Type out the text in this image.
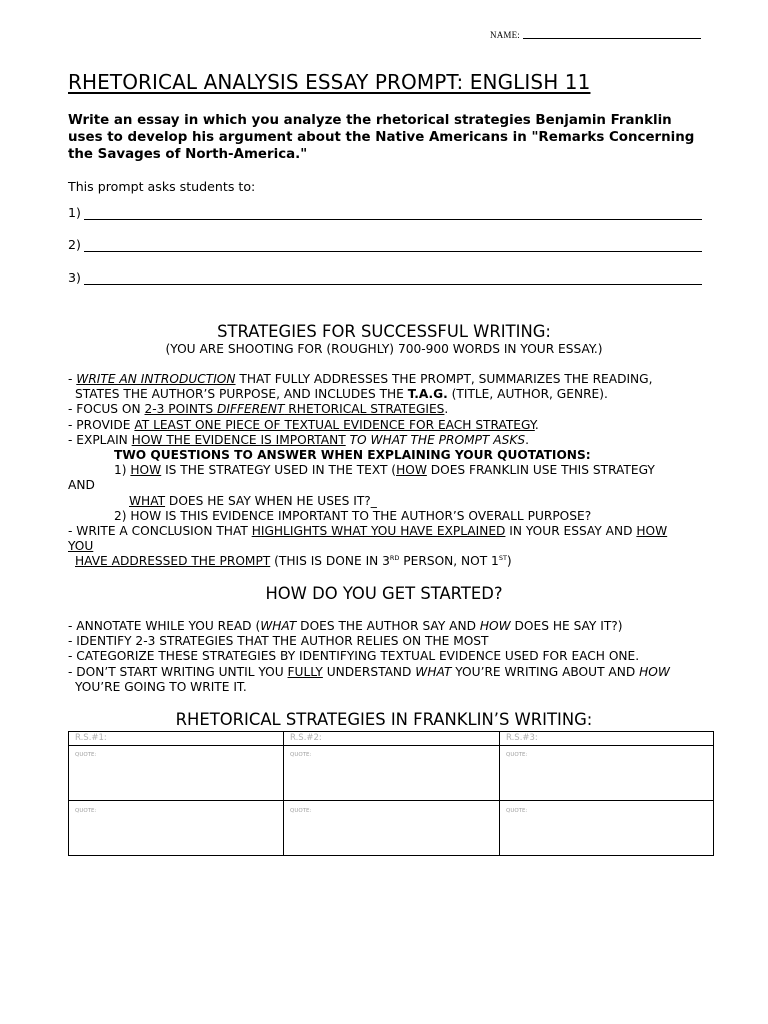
NAME:
RHETORICAL ANALYSIS ESSAY PROMPT: ENGLISH 11
Write an essay in which you analyze the rhetorical strategies Benjamin Franklin uses to develop his argument about the Native Americans in "Remarks Concerning the Savages of North-America."
This prompt asks students to:
1)
2)
3)
STRATEGIES FOR SUCCESSFUL WRITING:
(YOU ARE SHOOTING FOR (ROUGHLY) 700-900 WORDS IN YOUR ESSAY.)
- WRITE AN INTRODUCTION THAT FULLY ADDRESSES THE PROMPT, SUMMARIZES THE READING,
STATES THE AUTHOR’S PURPOSE, AND INCLUDES THE T.A.G. (TITLE, AUTHOR, GENRE).
- FOCUS ON 2-3 POINTS DIFFERENT RHETORICAL STRATEGIES.
- PROVIDE AT LEAST ONE PIECE OF TEXTUAL EVIDENCE FOR EACH STRATEGY.
- EXPLAIN HOW THE EVIDENCE IS IMPORTANT TO WHAT THE PROMPT ASKS.
TWO QUESTIONS TO ANSWER WHEN EXPLAINING YOUR QUOTATIONS:
1) HOW IS THE STRATEGY USED IN THE TEXT (HOW DOES FRANKLIN USE THIS STRATEGY
AND
WHAT DOES HE SAY WHEN HE USES IT?_
2) HOW IS THIS EVIDENCE IMPORTANT TO THE AUTHOR’S OVERALL PURPOSE?
- WRITE A CONCLUSION THAT HIGHLIGHTS WHAT YOU HAVE EXPLAINED IN YOUR ESSAY AND HOW
YOU
HAVE ADDRESSED THE PROMPT (THIS IS DONE IN 3RD PERSON, NOT 1ST)
HOW DO YOU GET STARTED?
- ANNOTATE WHILE YOU READ (WHAT DOES THE AUTHOR SAY AND HOW DOES HE SAY IT?)
- IDENTIFY 2-3 STRATEGIES THAT THE AUTHOR RELIES ON THE MOST
- CATEGORIZE THESE STRATEGIES BY IDENTIFYING TEXTUAL EVIDENCE USED FOR EACH ONE.
- DON’T START WRITING UNTIL YOU FULLY UNDERSTAND WHAT YOU’RE WRITING ABOUT AND HOW
YOU’RE GOING TO WRITE IT.
RHETORICAL STRATEGIES IN FRANKLIN’S WRITING:
R.S.#1:	R.S.#2:	R.S.#3:
QUOTE:	QUOTE:	QUOTE:
QUOTE:	QUOTE:	QUOTE:
